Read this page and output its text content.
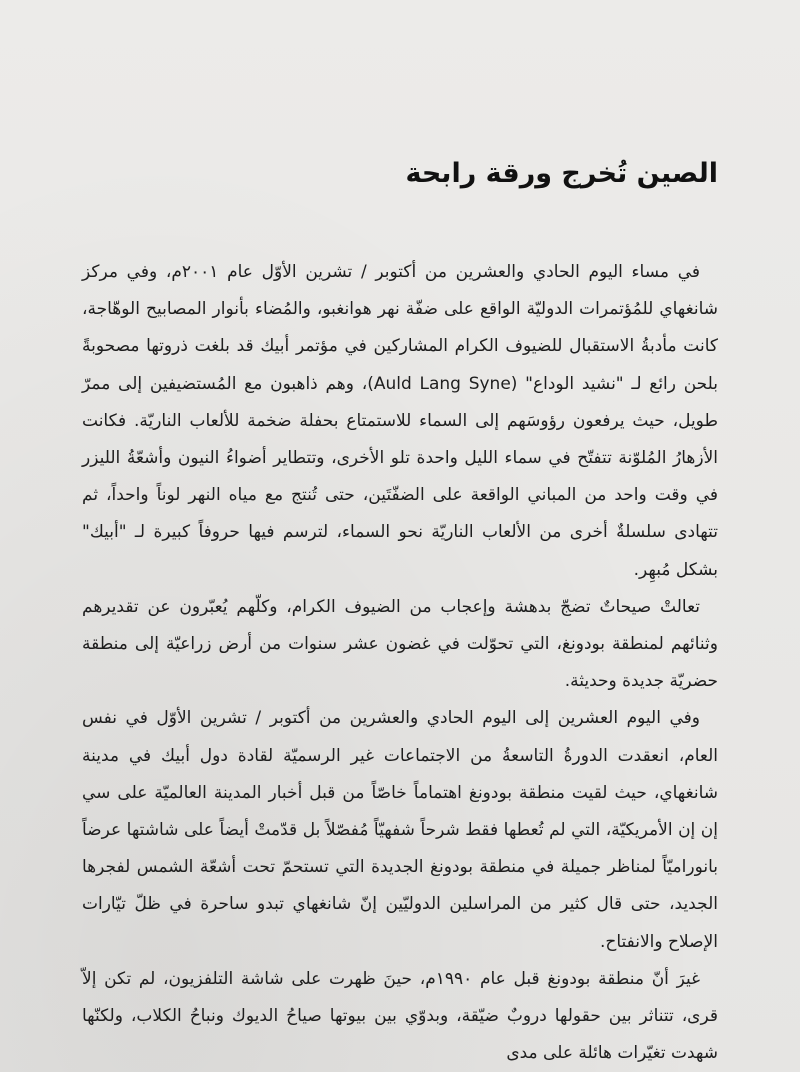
الصين تُخرج ورقة رابحة

في مساء اليوم الحادي والعشرين من أكتوبر / تشرين الأوّل عام ٢٠٠١م، وفي مركز شانغهاي للمُؤتمرات الدوليّة الواقع على ضفّة نهر هوانغبو، والمُضاء بأنوار المصابيح الوهّاجة، كانت مأدبةُ الاستقبال للضيوف الكرام المشاركين في مؤتمر أبيك قد بلغت ذروتها مصحوبةً بلحن رائع لـ "نشيد الوداع" (Auld Lang Syne)، وهم ذاهبون مع المُستضيفين إلى ممرّ طويل، حيث يرفعون رؤوسَهم إلى السماء للاستمتاع بحفلة ضخمة للألعاب الناريّة. فكانت الأزهارُ المُلوّنة تتفتّح في سماء الليل واحدة تلو الأخرى، وتتطاير أضواءُ النيون وأشعّةُ الليزر في وقت واحد من المباني الواقعة على الضفّتَين، حتى تُنتج مع مياه النهر لوناً واحداً، ثم تتهادى سلسلةٌ أخرى من الألعاب الناريّة نحو السماء، لترسم فيها حروفاً كبيرة لـ "أبيك" بشكل مُبهِر.

تعالتْ صيحاتٌ تضجّ بدهشة وإعجاب من الضيوف الكرام، وكلّهم يُعبّرون عن تقديرهم وثنائهم لمنطقة بودونغ، التي تحوّلت في غضون عشر سنوات من أرض زراعيّة إلى منطقة حضريّة جديدة وحديثة.

وفي اليوم العشرين إلى اليوم الحادي والعشرين من أكتوبر / تشرين الأوّل في نفس العام، انعقدت الدورةُ التاسعةُ من الاجتماعات غير الرسميّة لقادة دول أبيك في مدينة شانغهاي، حيث لقيت منطقة بودونغ اهتماماً خاصّاً من قبل أخبار المدينة العالميّة على سي إن إن الأمريكيّة، التي لم تُعطها فقط شرحاً شفهيّاً مُفصّلاً بل قدّمتْ أيضاً على شاشتها عرضاً بانوراميّاً لمناظر جميلة في منطقة بودونغ الجديدة التي تستحمّ تحت أشعّة الشمس لفجرها الجديد، حتى قال كثير من المراسلين الدوليّين إنّ شانغهاي تبدو ساحرة في ظلّ تيّارات الإصلاح والانفتاح.

غيرَ أنّ منطقة بودونغ قبل عام ١٩٩٠م، حينَ ظهرت على شاشة التلفزيون، لم تكن إلاّ قرى، تتناثر بين حقولها دروبٌ ضيّقة، وبدوّي بين بيوتها صياحُ الديوك ونباحُ الكلاب، ولكنّها شهدت تغيّرات هائلة على مدى
